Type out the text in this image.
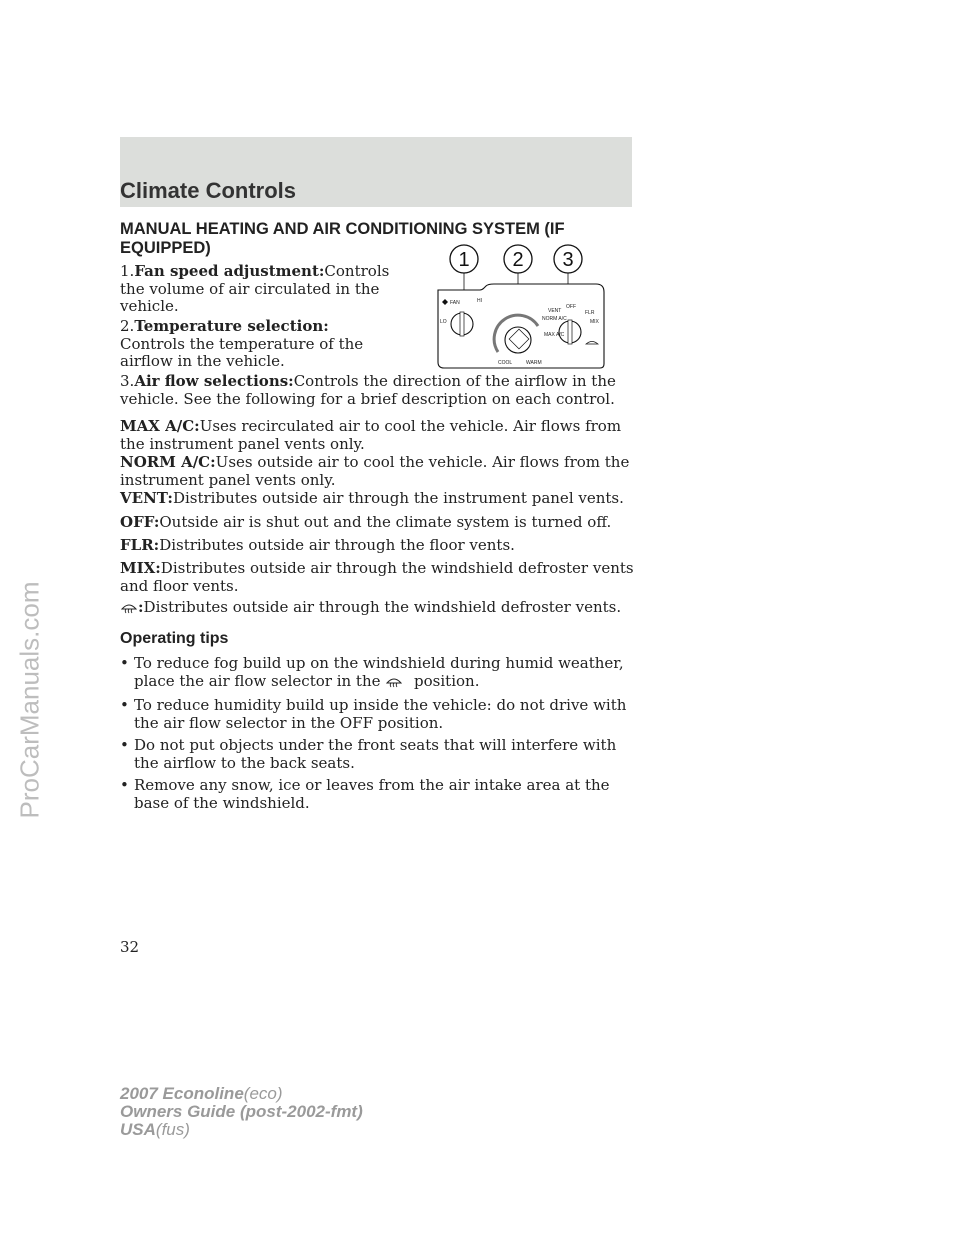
ProCarManuals.com
Climate Controls
MANUAL HEATING AND AIR CONDITIONING SYSTEM (IF EQUIPPED)
1.Fan speed adjustment:Controls the volume of air circulated in the vehicle.
2.Temperature selection: Controls the temperature of the airflow in the vehicle.
3.Air flow selections:Controls the direction of the airflow in the vehicle. See the following for a brief description on each control.
MAX A/C:Uses recirculated air to cool the vehicle. Air flows from the instrument panel vents only.
NORM A/C:Uses outside air to cool the vehicle. Air flows from the instrument panel vents only.
VENT:Distributes outside air through the instrument panel vents.
OFF:Outside air is shut out and the climate system is turned off.
FLR:Distributes outside air through the floor vents.
MIX:Distributes outside air through the windshield defroster vents and floor vents.
:Distributes outside air through the windshield defroster vents.
Operating tips
• To reduce fog build up on the windshield during humid weather, place the air flow selector in the position.
• To reduce humidity build up inside the vehicle: do not drive with the air flow selector in the OFF position.
• Do not put objects under the front seats that will interfere with the airflow to the back seats.
• Remove any snow, ice or leaves from the air intake area at the base of the windshield.
1 2 3
FAN
LO
HI
COOL	WARM
VENT
OFF
NORM A/C
FLR
MAX A/C
MIX
32
2007 Econoline(eco)
Owners Guide (post-2002-fmt)
USA(fus)
